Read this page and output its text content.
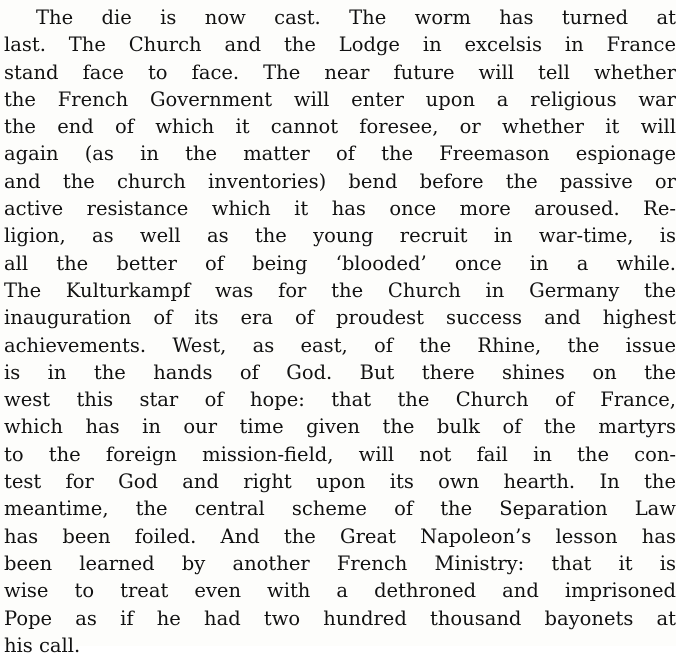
The die is now cast. The worm has turned at
last. The Church and the Lodge in excelsis in France
stand face to face. The near future will tell whether
the French Government will enter upon a religious war
the end of which it cannot foresee, or whether it will
again (as in the matter of the Freemason espionage
and the church inventories) bend before the passive or
active resistance which it has once more aroused. Re-
ligion, as well as the young recruit in war-time, is
all the better of being ‘blooded’ once in a while.
The Kulturkampf was for the Church in Germany the
inauguration of its era of proudest success and highest
achievements. West, as east, of the Rhine, the issue
is in the hands of God. But there shines on the
west this star of hope: that the Church of France,
which has in our time given the bulk of the martyrs
to the foreign mission-field, will not fail in the con-
test for God and right upon its own hearth. In the
meantime, the central scheme of the Separation Law
has been foiled. And the Great Napoleon’s lesson has
been learned by another French Ministry: that it is
wise to treat even with a dethroned and imprisoned
Pope as if he had two hundred thousand bayonets at
his call.
